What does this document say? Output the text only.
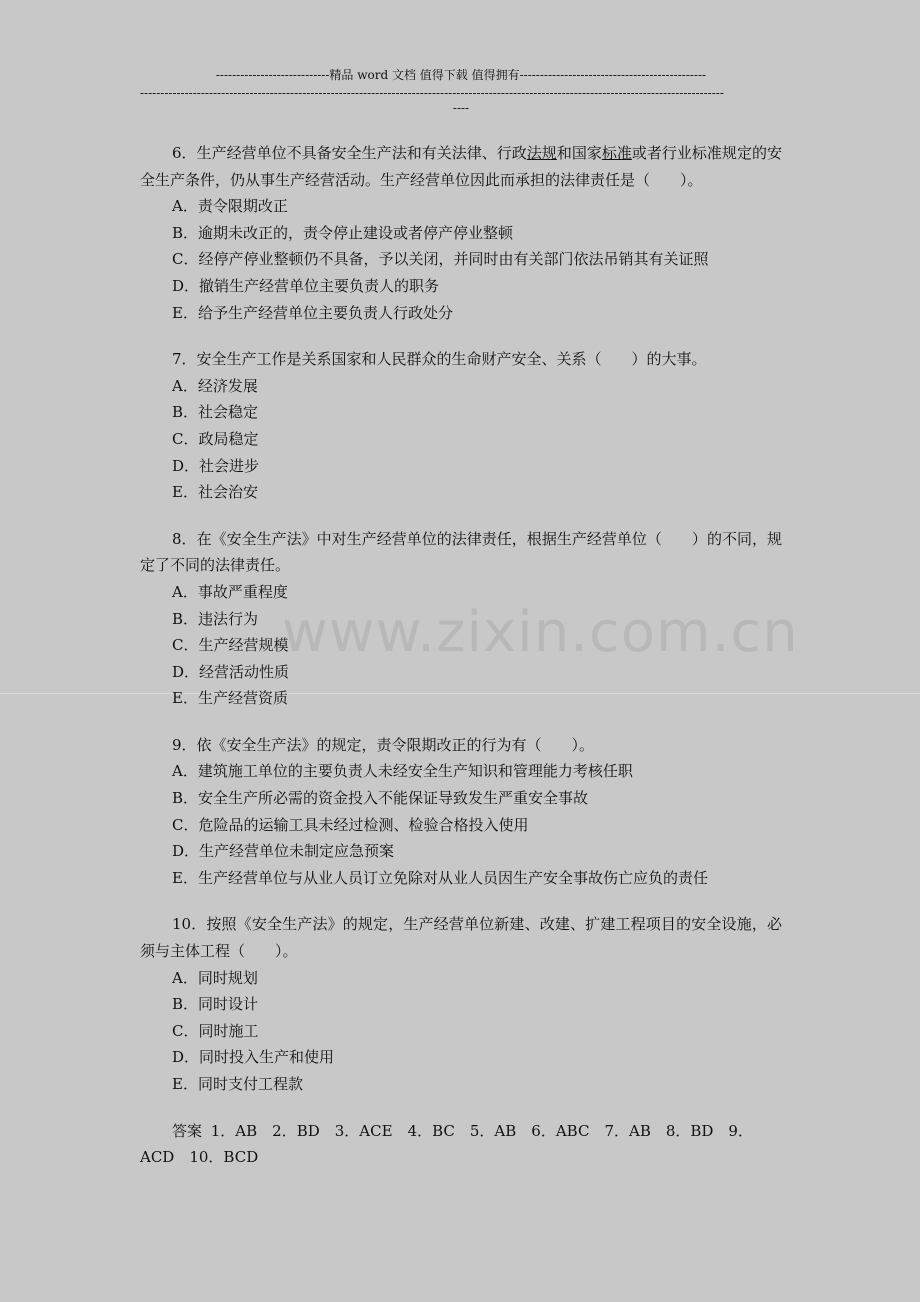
----------------------------精品 word 文档 值得下载 值得拥有----------------------------------------------
------------------------------------------------------------------------------------------------------------------------------------------------
----
www.zixin.com.cn

6．生产经营单位不具备安全生产法和有关法律、行政法规和国家标准或者行业标准规定的安全生产条件，仍从事生产经营活动。生产经营单位因此而承担的法律责任是（　　）。

A．责令限期改正

B．逾期未改正的，责令停止建设或者停产停业整顿

C．经停产停业整顿仍不具备，予以关闭，并同时由有关部门依法吊销其有关证照

D．撤销生产经营单位主要负责人的职务

E．给予生产经营单位主要负责人行政处分

7．安全生产工作是关系国家和人民群众的生命财产安全、关系（　　）的大事。

A．经济发展

B．社会稳定

C．政局稳定

D．社会进步

E．社会治安

8．在《安全生产法》中对生产经营单位的法律责任，根据生产经营单位（　　）的不同，规定了不同的法律责任。

A．事故严重程度

B．违法行为

C．生产经营规模

D．经营活动性质

E．生产经营资质

9．依《安全生产法》的规定，责令限期改正的行为有（　　）。

A．建筑施工单位的主要负责人未经安全生产知识和管理能力考核任职

B．安全生产所必需的资金投入不能保证导致发生严重安全事故

C．危险品的运输工具未经过检测、检验合格投入使用

D．生产经营单位未制定应急预案

E．生产经营单位与从业人员订立免除对从业人员因生产安全事故伤亡应负的责任

10．按照《安全生产法》的规定，生产经营单位新建、改建、扩建工程项目的安全设施，必须与主体工程（　　）。

A．同时规划

B．同时设计

C．同时施工

D．同时投入生产和使用

E．同时支付工程款

答案 1．AB　2．BD　3．ACE　4．BC　5．AB　6．ABC　7．AB　8．BD　9．ACD　10．BCD
